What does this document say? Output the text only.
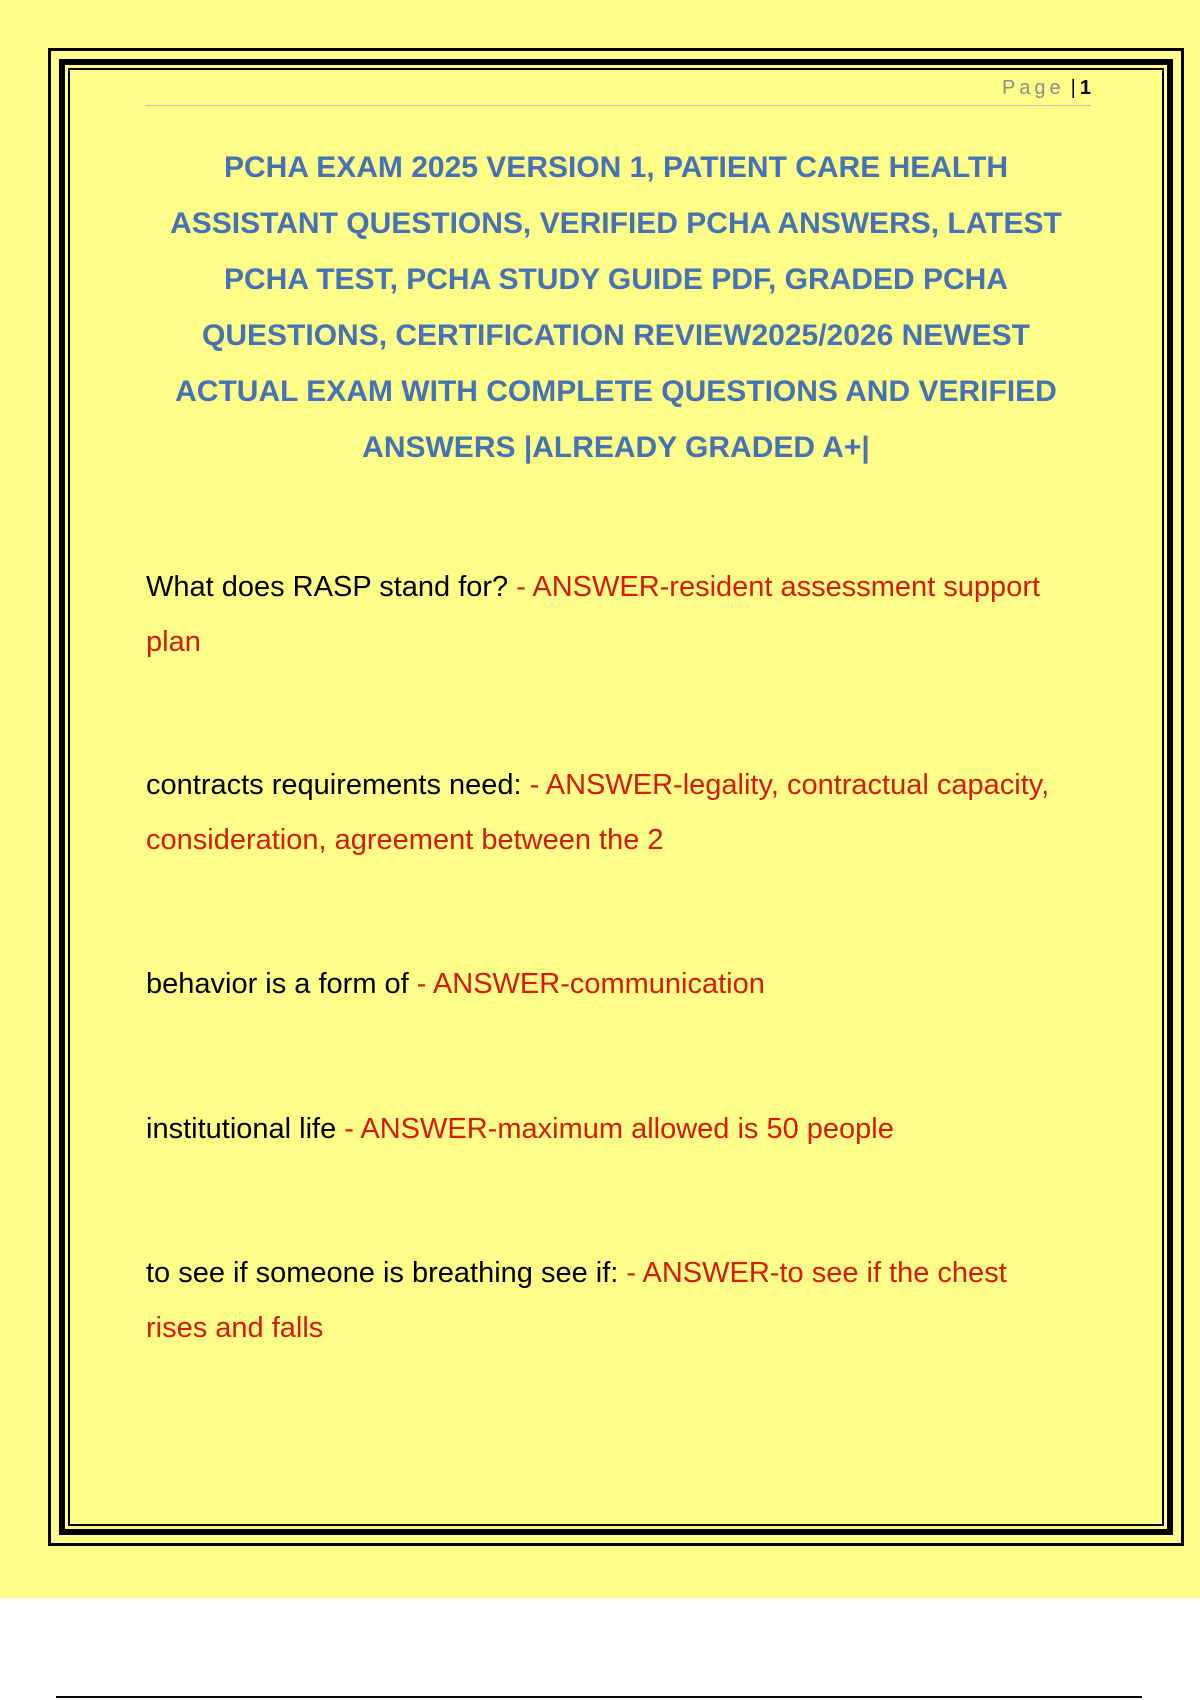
Page | 1
PCHA EXAM 2025 VERSION 1, PATIENT CARE HEALTH ASSISTANT QUESTIONS, VERIFIED PCHA ANSWERS, LATEST PCHA TEST, PCHA STUDY GUIDE PDF, GRADED PCHA QUESTIONS, CERTIFICATION REVIEW2025/2026 NEWEST ACTUAL EXAM WITH COMPLETE QUESTIONS AND VERIFIED ANSWERS |ALREADY GRADED A+|
What does RASP stand for? - ANSWER-resident assessment support plan
contracts requirements need: - ANSWER-legality, contractual capacity, consideration, agreement between the 2
behavior is a form of - ANSWER-communication
institutional life - ANSWER-maximum allowed is 50 people
to see if someone is breathing see if: - ANSWER-to see if the chest rises and falls
